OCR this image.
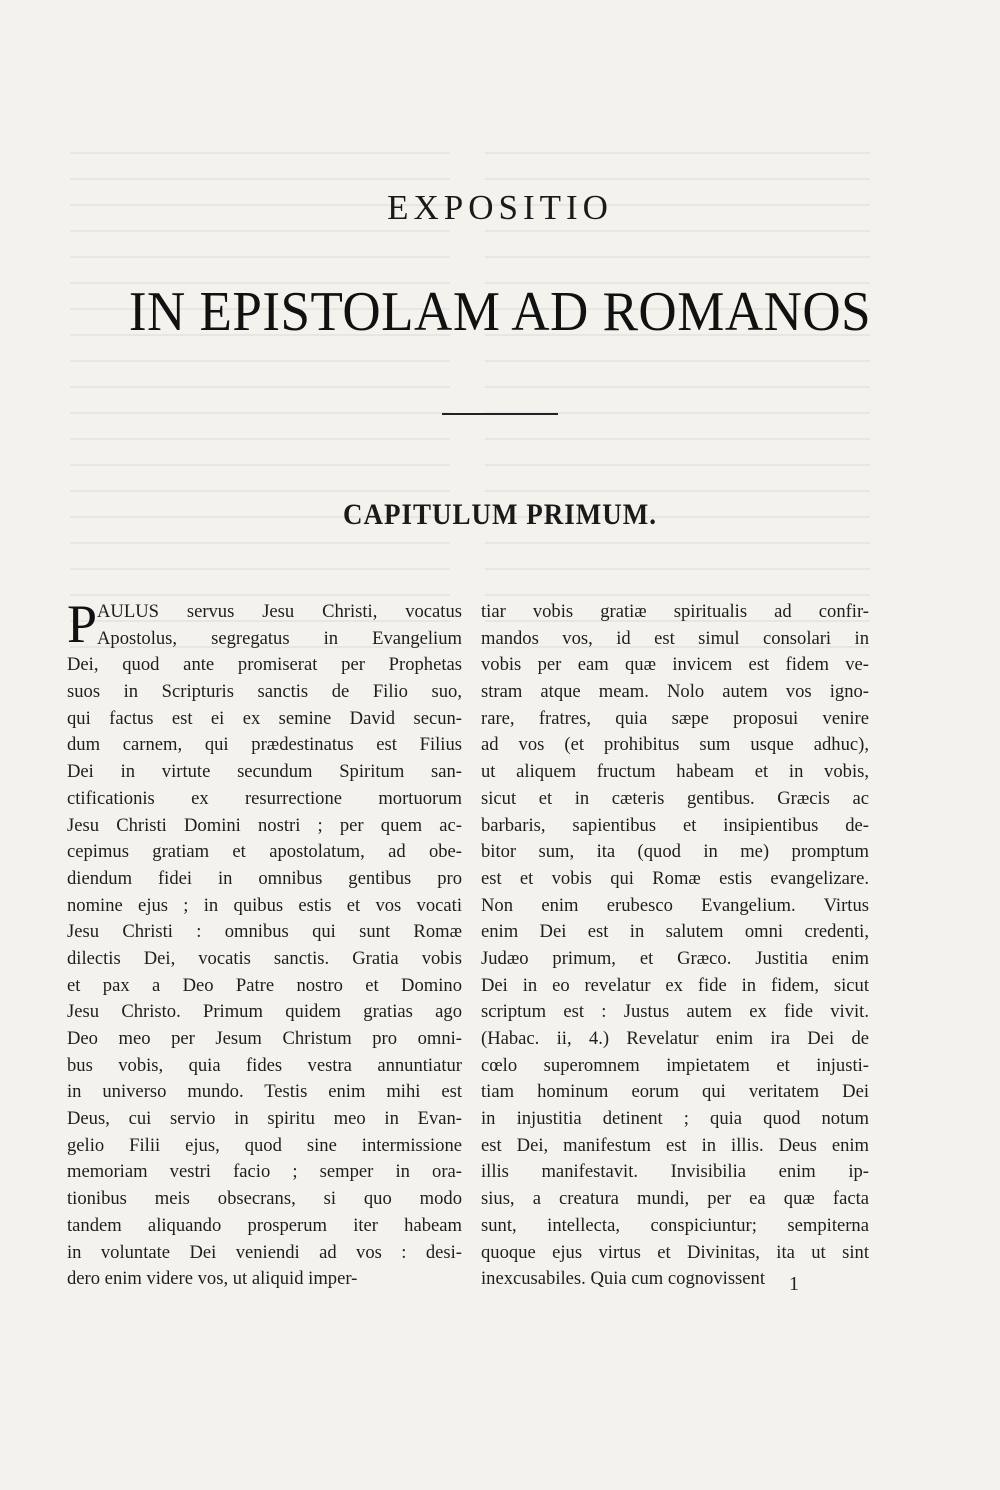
EXPOSITIO
IN EPISTOLAM AD ROMANOS
CAPITULUM PRIMUM.
P AULUS servus Jesu Christi, vocatus
Apostolus, segregatus in Evangelium
Dei, quod ante promiserat per Prophetas
suos in Scripturis sanctis de Filio suo,
qui factus est ei ex semine David secun-
dum carnem, qui prædestinatus est Filius
Dei in virtute secundum Spiritum san-
ctificationis ex resurrectione mortuorum
Jesu Christi Domini nostri ; per quem ac-
cepimus gratiam et apostolatum, ad obe-
diendum fidei in omnibus gentibus pro
nomine ejus ; in quibus estis et vos vocati
Jesu Christi : omnibus qui sunt Romæ
dilectis Dei, vocatis sanctis. Gratia vobis
et pax a Deo Patre nostro et Domino
Jesu Christo. Primum quidem gratias ago
Deo meo per Jesum Christum pro omni-
bus vobis, quia fides vestra annuntiatur
in universo mundo. Testis enim mihi est
Deus, cui servio in spiritu meo in Evan-
gelio Filii ejus, quod sine intermissione
memoriam vestri facio ; semper in ora-
tionibus meis obsecrans, si quo modo
tandem aliquando prosperum iter habeam
in voluntate Dei veniendi ad vos : desi-
dero enim videre vos, ut aliquid imper-
tiar vobis gratiæ spiritualis ad confir-
mandos vos, id est simul consolari in
vobis per eam quæ invicem est fidem ve-
stram atque meam. Nolo autem vos igno-
rare, fratres, quia sæpe proposui venire
ad vos (et prohibitus sum usque adhuc),
ut aliquem fructum habeam et in vobis,
sicut et in cæteris gentibus. Græcis ac
barbaris, sapientibus et insipientibus de-
bitor sum, ita (quod in me) promptum
est et vobis qui Romæ estis evangelizare.
Non enim erubesco Evangelium. Virtus
enim Dei est in salutem omni credenti,
Judæo primum, et Græco. Justitia enim
Dei in eo revelatur ex fide in fidem, sicut
scriptum est : Justus autem ex fide vivit.
(Habac. ii, 4.) Revelatur enim ira Dei de
cœlo superomnem impietatem et injusti-
tiam hominum eorum qui veritatem Dei
in injustitia detinent ; quia quod notum
est Dei, manifestum est in illis. Deus enim
illis manifestavit. Invisibilia enim ip-
sius, a creatura mundi, per ea quæ facta
sunt, intellecta, conspiciuntur; sempiterna
quoque ejus virtus et Divinitas, ita ut sint
inexcusabiles. Quia cum cognovissent	1
